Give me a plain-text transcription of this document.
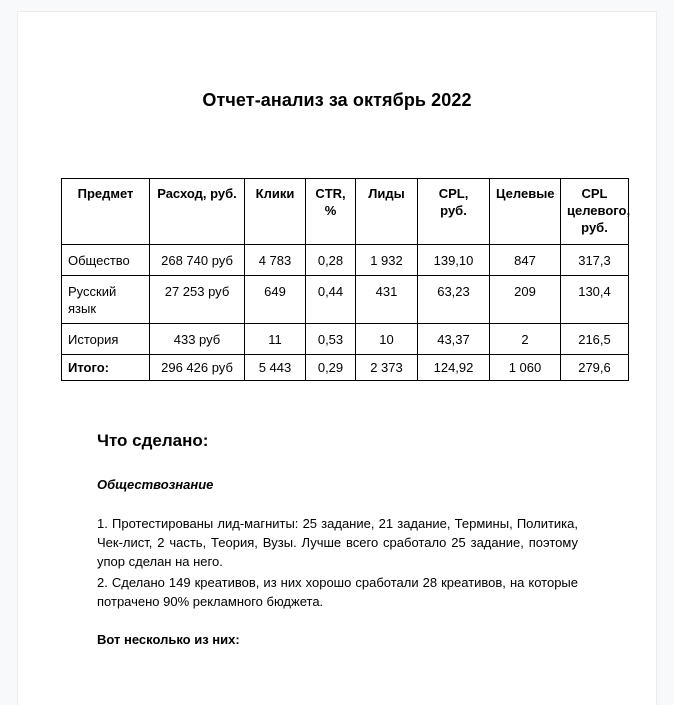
Отчет-анализ за октябрь 2022
Предмет	Расход, руб.	Клики	CTR, %	Лиды	CPL, руб.	Целевые	CPL целевого, руб.
Общество	268 740 руб	4 783	0,28	1 932	139,10	847	317,3
Русский язык	27 253 руб	649	0,44	431	63,23	209	130,4
История	433 руб	11	0,53	10	43,37	2	216,5
Итого:	296 426 руб	5 443	0,29	2 373	124,92	1 060	279,6
Что сделано:
Обществознание
1. Протестированы лид-магниты: 25 задание, 21 задание, Термины, Политика, Чек-лист, 2 часть, Теория, Вузы. Лучше всего сработало 25 задание, поэтому упор сделан на него.
2. Сделано 149 креативов, из них хорошо сработали 28 креативов, на которые потрачено 90% рекламного бюджета.
Вот несколько из них:
